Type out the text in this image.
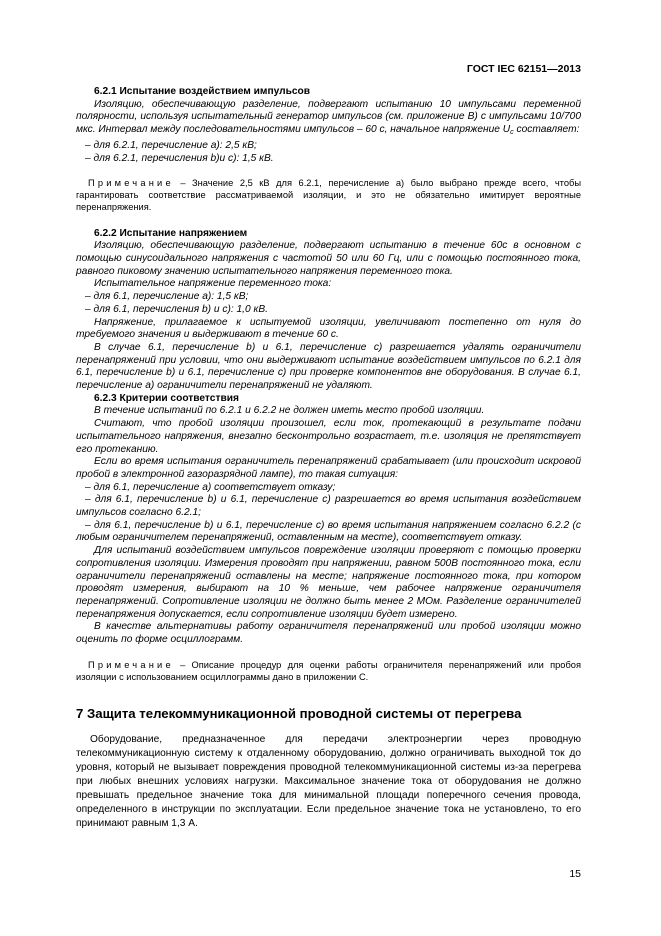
ГОСТ IEC 62151—2013

6.2.1 Испытание воздействием импульсов

Изоляцию, обеспечивающую разделение, подвергают испытанию 10 импульсами переменной полярности, используя испытательный генератор импульсов (см. приложение В) с импульсами 10/700 мкс. Интервал между последовательностями импульсов – 60 с, начальное напряжение $U_с$ составляет:

– для 6.2.1, перечисление а): 2,5 кВ;

– для 6.2.1, перечисления b)и с): 1,5 кВ.

Примечание – Значение 2,5 кВ для 6.2.1, перечисление а) было выбрано прежде всего, чтобы гарантировать соответствие рассматриваемой изоляции, и это не обязательно имитирует вероятные перенапряжения.

6.2.2 Испытание напряжением

Изоляцию, обеспечивающую разделение, подвергают испытанию в течение 60с в основном с помощью синусоидального напряжения с частотой 50 или 60 Гц, или с помощью постоянного тока, равного пиковому значению испытательного напряжения переменного тока.

Испытательное напряжение переменного тока:

– для 6.1, перечисление а): 1,5 кВ;

– для 6.1, перечисления b) и с): 1,0 кВ.

Напряжение, прилагаемое к испытуемой изоляции, увеличивают постепенно от нуля до требуемого значения и выдерживают в течение 60 с.

В случае 6.1, перечисление b) и 6.1, перечисление с) разрешается удалять ограничители перенапряжений при условии, что они выдерживают испытание воздействием импульсов по 6.2.1 для 6.1, перечисление b) и 6.1, перечисление с) при проверке компонентов вне оборудования. В случае 6.1, перечисление а) ограничители перенапряжений не удаляют.

6.2.3 Критерии соответствия

В течение испытаний по 6.2.1 и 6.2.2 не должен иметь место пробой изоляции.

Считают, что пробой изоляции произошел, если ток, протекающий в результате подачи испытательного напряжения, внезапно бесконтрольно возрастает, т.е. изоляция не препятствует его протеканию.

Если во время испытания ограничитель перенапряжений срабатывает (или происходит искровой пробой в электронной газоразрядной лампе), то такая ситуация:

– для 6.1, перечисление а) соответствует отказу;

– для 6.1, перечисление b) и 6.1, перечисление с) разрешается во время испытания воздействием импульсов согласно 6.2.1;

– для 6.1, перечисление b) и 6.1, перечисление с) во время испытания напряжением согласно 6.2.2 (с любым ограничителем перенапряжений, оставленным на месте), соответствует отказу.

Для испытаний воздействием импульсов повреждение изоляции проверяют с помощью проверки сопротивления изоляции. Измерения проводят при напряжении, равном 500В постоянного тока, если ограничители перенапряжений оставлены на месте; напряжение постоянного тока, при котором проводят измерения, выбирают на 10 % меньше, чем рабочее напряжение ограничителя перенапряжений. Сопротивление изоляции не должно быть менее 2 МОм. Разделение ограничителей перенапряжения допускается, если сопротивление изоляции будет измерено.

В качестве альтернативы работу ограничителя перенапряжений или пробой изоляции можно оценить по форме осциллограмм.

Примечание – Описание процедур для оценки работы ограничителя перенапряжений или пробоя изоляции с использованием осциллограммы дано в приложении С.

7 Защита телекоммуникационной проводной системы от перегрева

Оборудование, предназначенное для передачи электроэнергии через проводную телекоммуникационную систему к отдаленному оборудованию, должно ограничивать выходной ток до уровня, который не вызывает повреждения проводной телекоммуникационной системы из-за перегрева при любых внешних условиях нагрузки. Максимальное значение тока от оборудования не должно превышать предельное значение тока для минимальной площади поперечного сечения провода, определенного в инструкции по эксплуатации. Если предельное значение тока не установлено, то его принимают равным 1,3 А.

15
